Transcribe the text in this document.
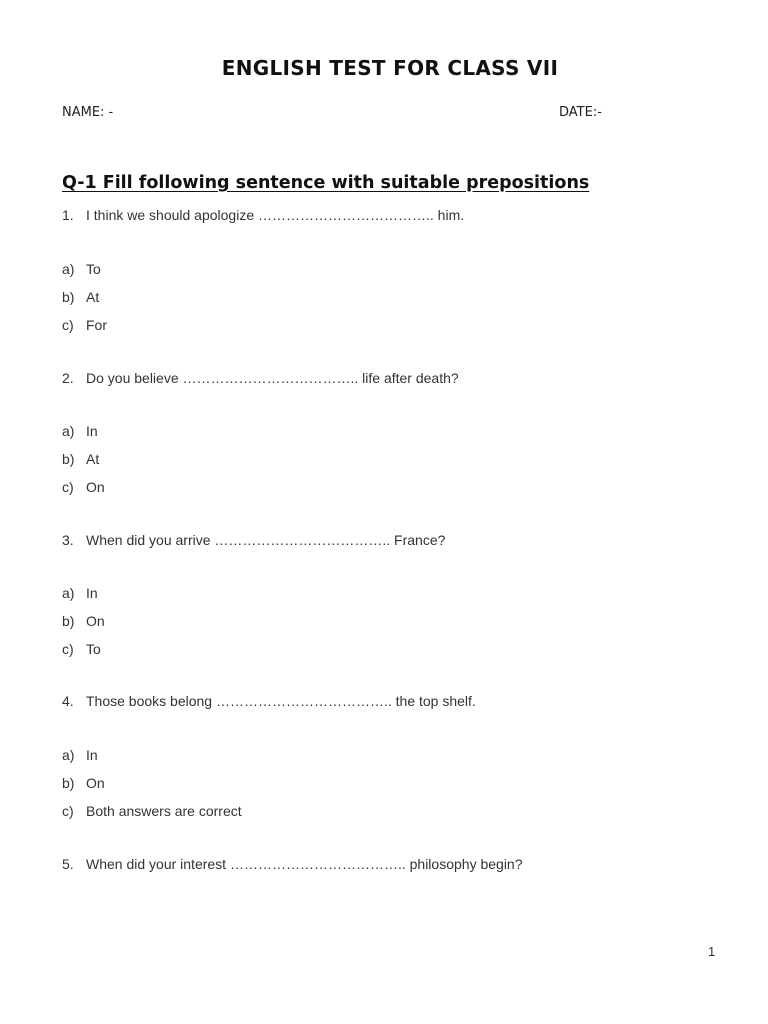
ENGLISH TEST FOR CLASS VII
NAME: -	DATE:-
Q-1 Fill following sentence with suitable prepositions
1. I think we should apologize ……………………………….. him.
a) To
b) At
c) For
2. Do you believe ……………………………….. life after death?
a) In
b) At
c) On
3. When did you arrive ……………………………….. France?
a) In
b) On
c) To
4. Those books belong ……………………………….. the top shelf.
a) In
b) On
c) Both answers are correct
5. When did your interest ……………………………….. philosophy begin?
1
